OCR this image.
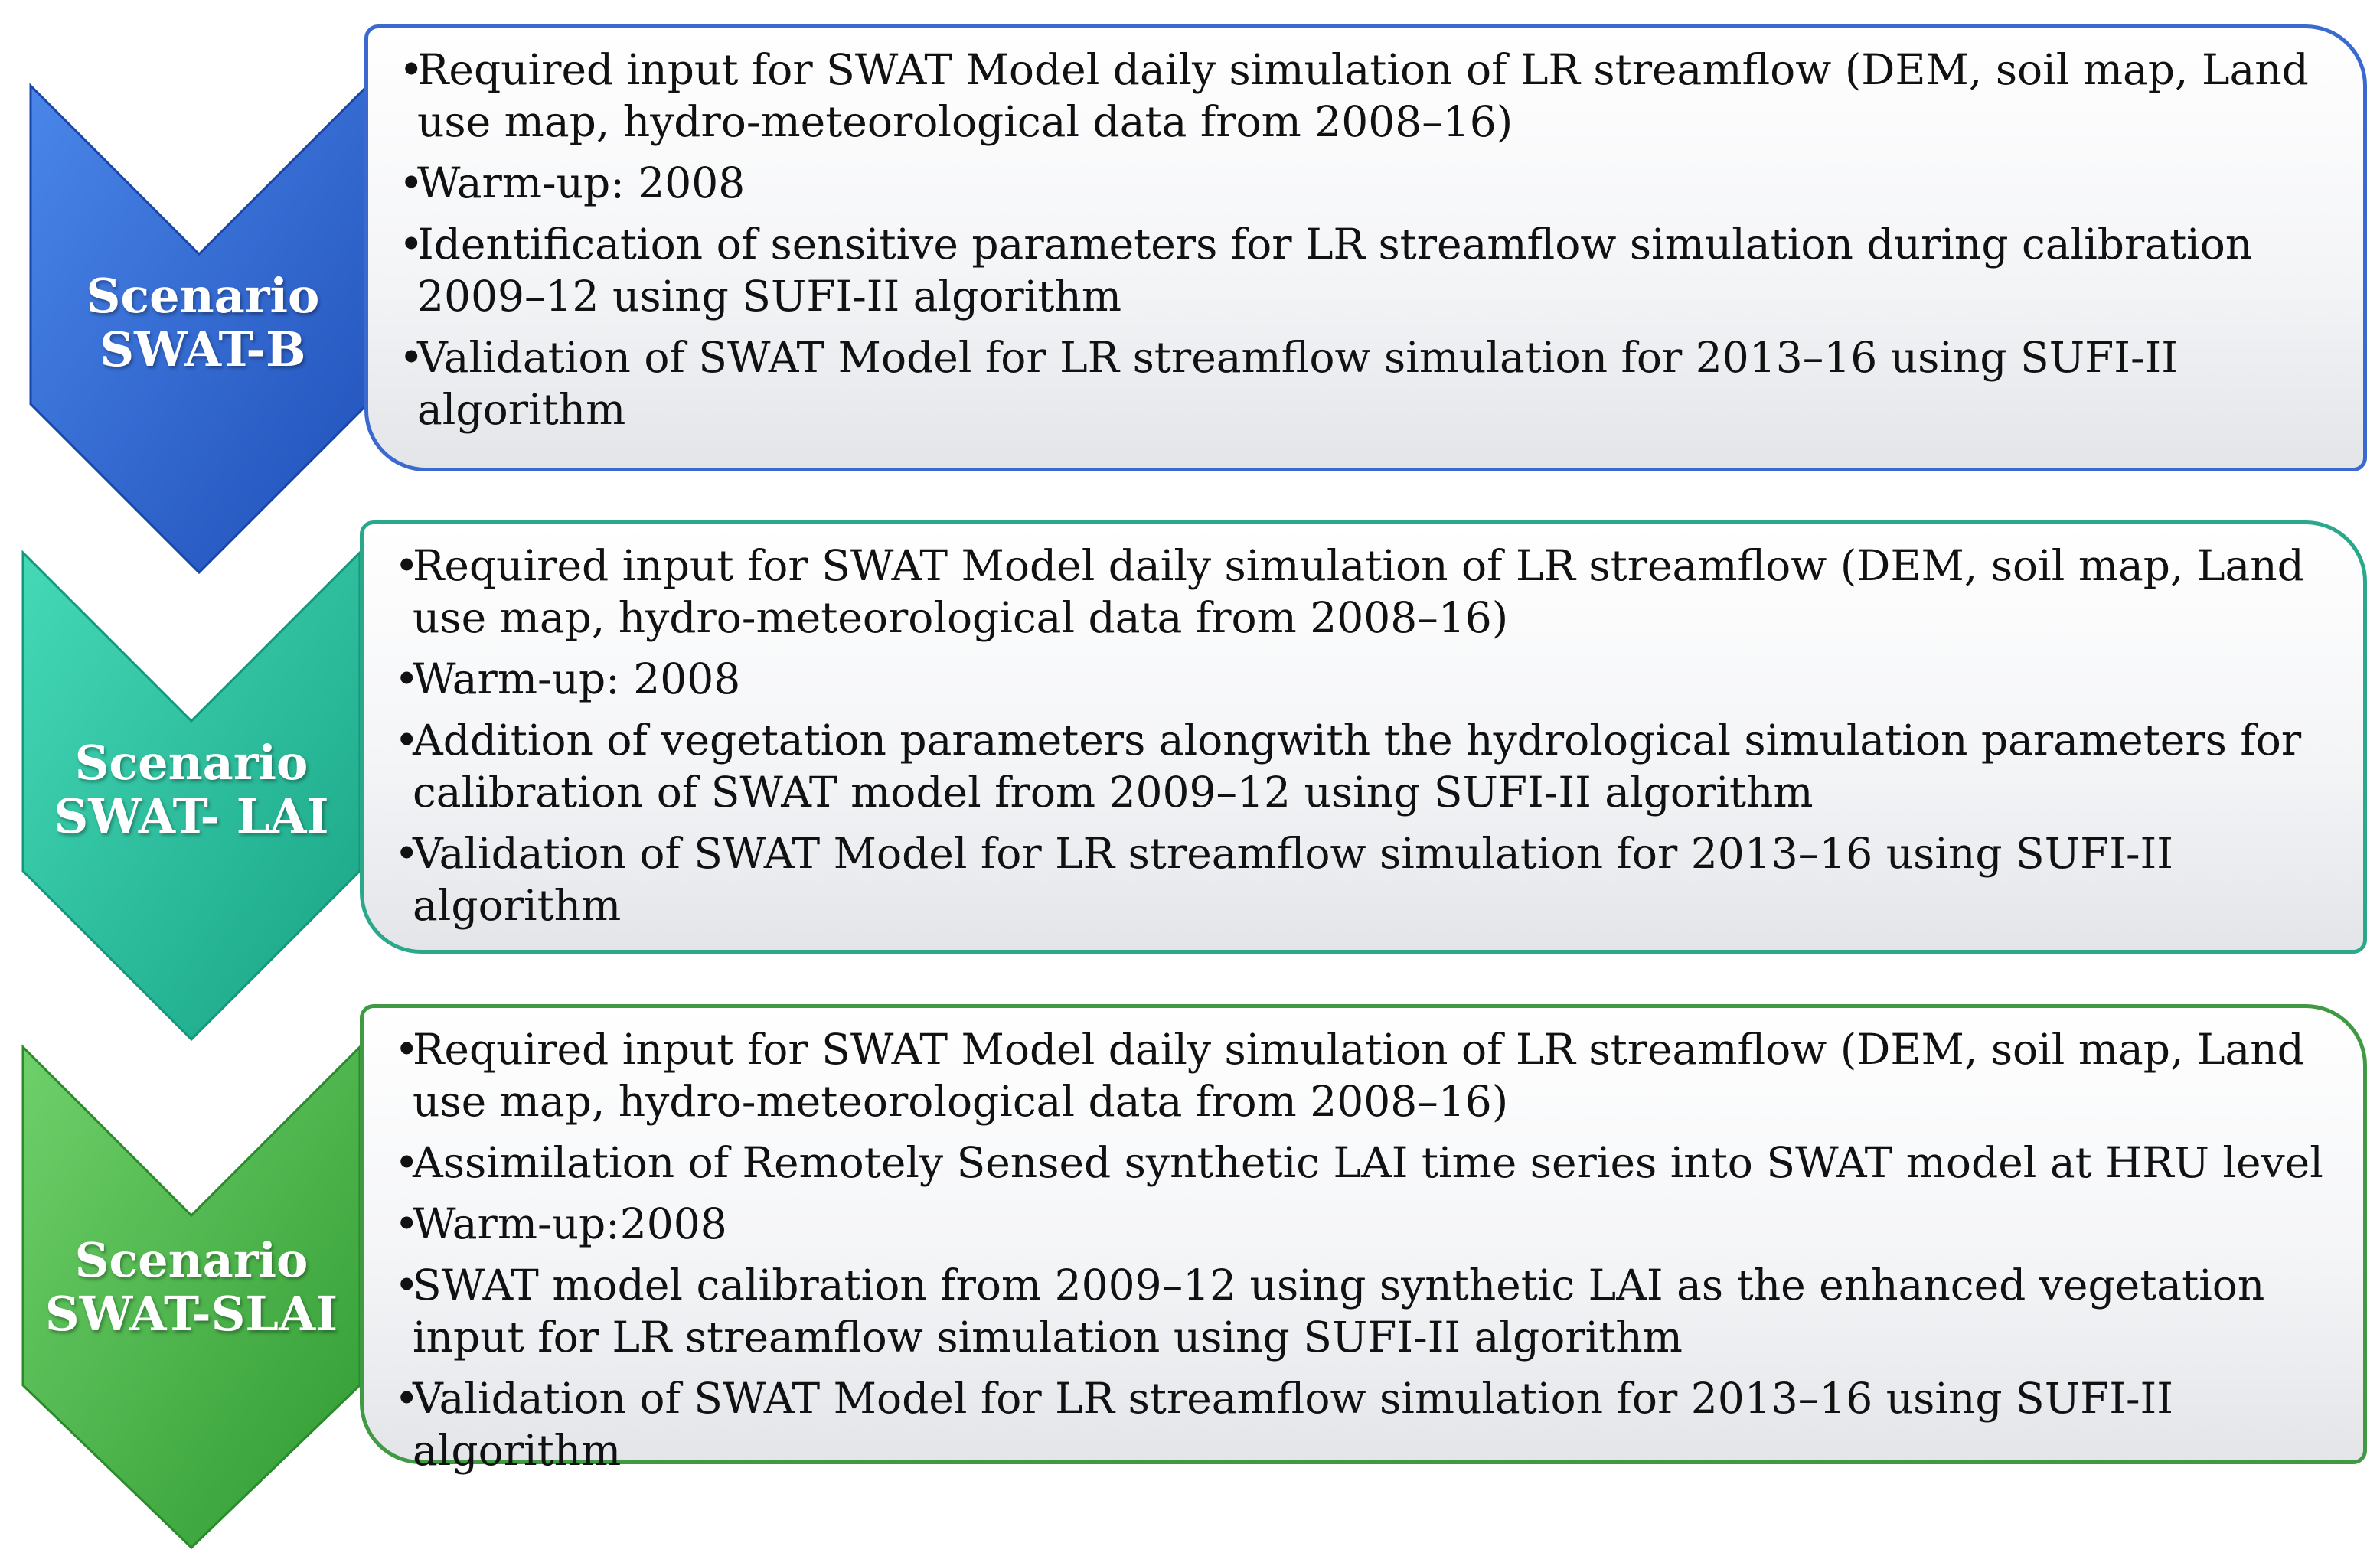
Scenario
SWAT-B
Scenario
SWAT- LAI
Scenario
SWAT-SLAI
•
Required input for SWAT Model daily simulation of LR streamflow (DEM, soil map, Land use map, hydro-meteorological data from 2008–16)
•
Warm-up: 2008
•
Identification of sensitive parameters for LR streamflow simulation during calibration 2009–12 using SUFI-II algorithm
•
Validation of SWAT Model for LR streamflow simulation for 2013–16 using SUFI-II algorithm
•
Required input for SWAT Model daily simulation of LR streamflow (DEM, soil map, Land use map, hydro-meteorological data from 2008–16)
•
Warm-up: 2008
•
Addition of vegetation parameters alongwith the hydrological simulation parameters for calibration of SWAT model from 2009–12 using SUFI-II algorithm
•
Validation of SWAT Model for LR streamflow simulation for 2013–16 using SUFI-II algorithm
•
Required input for SWAT Model daily simulation of LR streamflow (DEM, soil map, Land use map, hydro-meteorological data from 2008–16)
•
Assimilation of Remotely Sensed synthetic LAI time series into SWAT model at HRU level
•
Warm-up:2008
•
SWAT model calibration from 2009–12 using synthetic LAI as the enhanced vegetation input for LR streamflow simulation using SUFI-II algorithm
•
Validation of SWAT Model for LR streamflow simulation for 2013–16 using SUFI-II algorithm
